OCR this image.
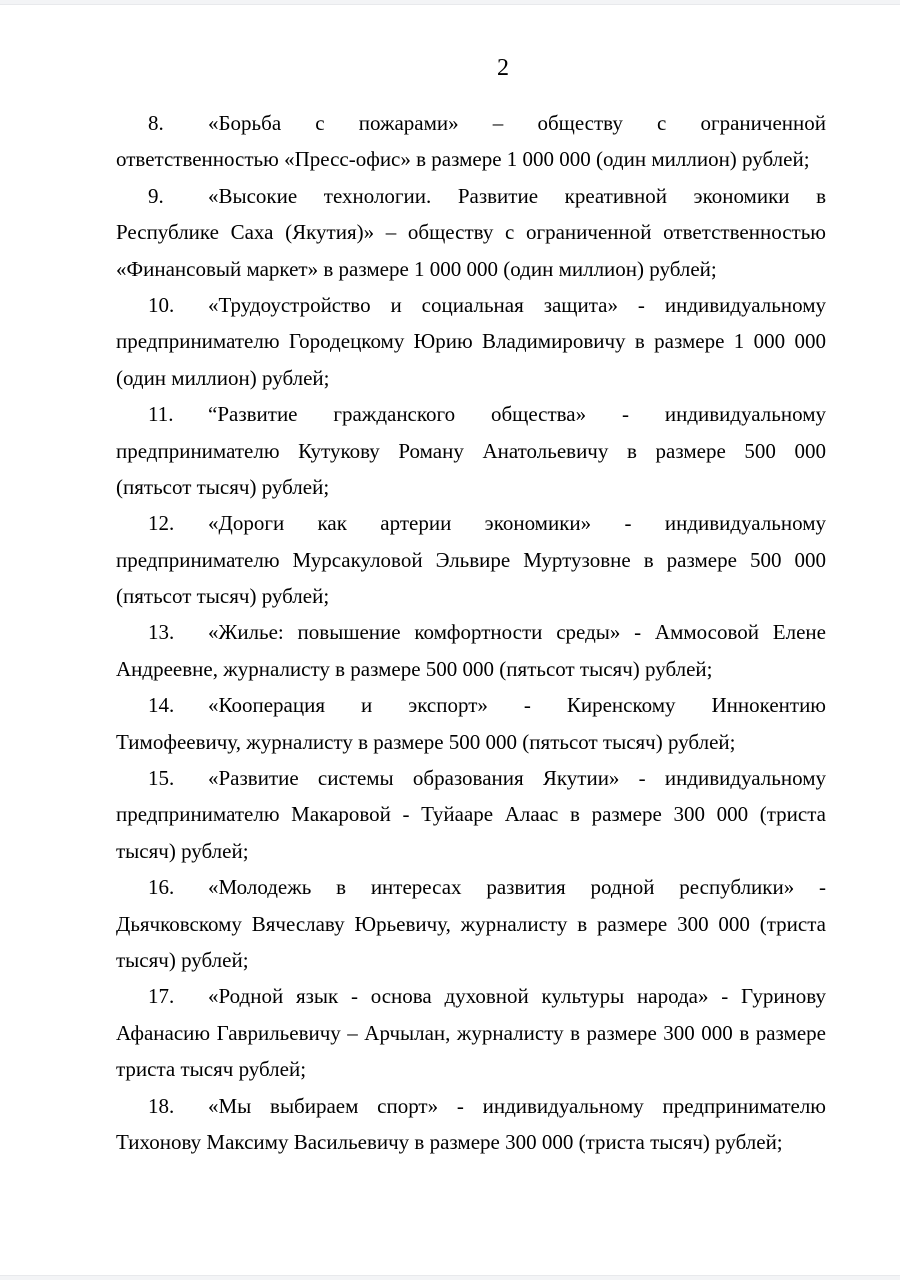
2
8. «Борьба с пожарами» – обществу с ограниченной
ответственностью «Пресс-офис» в размере 1 000 000 (один миллион) рублей;
9. «Высокие технологии. Развитие креативной экономики в
Республике Саха (Якутия)» – обществу с ограниченной ответственностью
«Финансовый маркет» в размере 1 000 000 (один миллион) рублей;
10. «Трудоустройство и социальная защита» - индивидуальному
предпринимателю Городецкому Юрию Владимировичу в размере 1 000 000
(один миллион) рублей;
11. “Развитие гражданского общества» - индивидуальному
предпринимателю Кутукову Роману Анатольевичу в размере 500 000
(пятьсот тысяч) рублей;
12. «Дороги как артерии экономики» - индивидуальному
предпринимателю Мурсакуловой Эльвире Муртузовне в размере 500 000
(пятьсот тысяч) рублей;
13. «Жилье: повышение комфортности среды» - Аммосовой Елене
Андреевне, журналисту в размере 500 000 (пятьсот тысяч) рублей;
14. «Кооперация и экспорт» - Киренскому Иннокентию
Тимофеевичу, журналисту в размере 500 000 (пятьсот тысяч) рублей;
15. «Развитие системы образования Якутии» - индивидуальному
предпринимателю Макаровой - Туйааре Алаас в размере 300 000 (триста
тысяч) рублей;
16. «Молодежь в интересах развития родной республики» -
Дьячковскому Вячеславу Юрьевичу, журналисту в размере 300 000 (триста
тысяч) рублей;
17. «Родной язык - основа духовной культуры народа» - Гуринову
Афанасию Гаврильевичу – Арчылан, журналисту в размере 300 000 в размере
триста тысяч рублей;
18. «Мы выбираем спорт» - индивидуальному предпринимателю
Тихонову Максиму Васильевичу в размере 300 000 (триста тысяч) рублей;
